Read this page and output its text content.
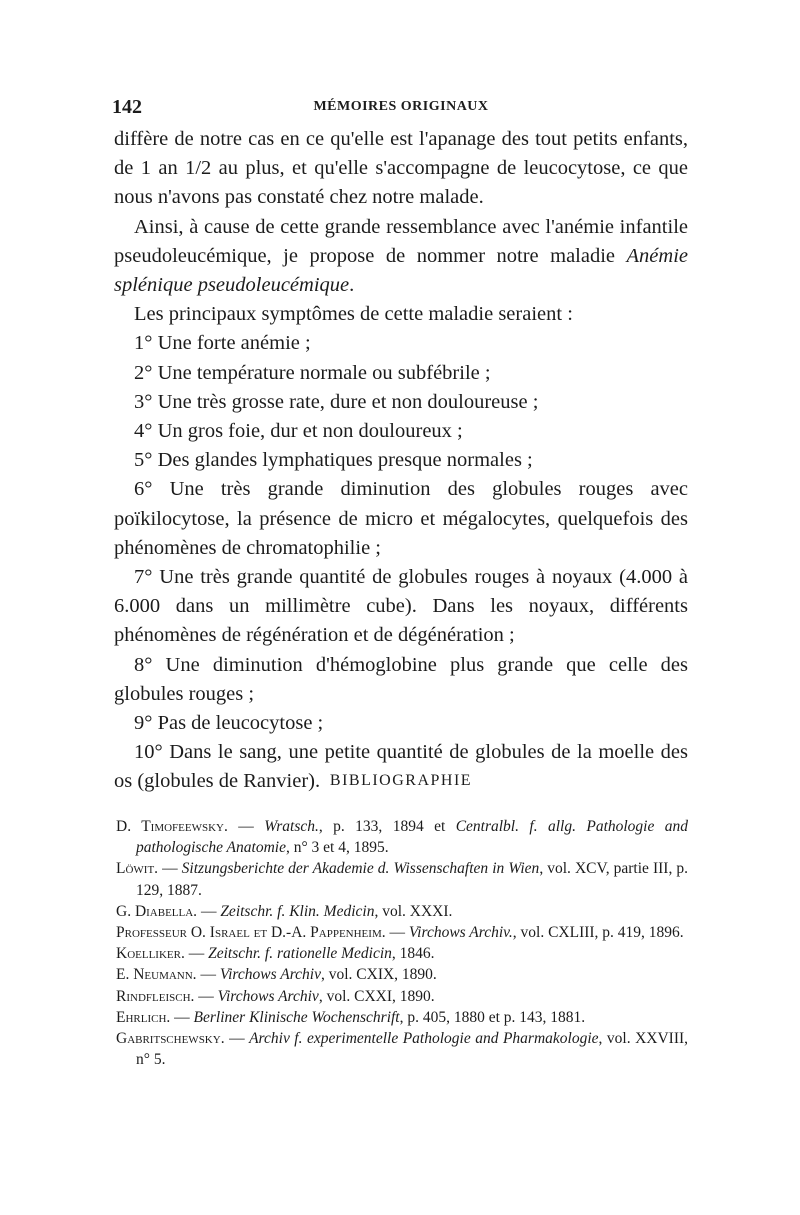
142	MÉMOIRES ORIGINAUX

diffère de notre cas en ce qu'elle est l'apanage des tout petits enfants, de 1 an 1/2 au plus, et qu'elle s'accompagne de leucocytose, ce que nous n'avons pas constaté chez notre malade.

Ainsi, à cause de cette grande ressemblance avec l'anémie infantile pseudoleucémique, je propose de nommer notre maladie Anémie splénique pseudoleucémique.

Les principaux symptômes de cette maladie seraient :

1° Une forte anémie ;

2° Une température normale ou subfébrile ;

3° Une très grosse rate, dure et non douloureuse ;

4° Un gros foie, dur et non douloureux ;

5° Des glandes lymphatiques presque normales ;

6° Une très grande diminution des globules rouges avec poïkilocytose, la présence de micro et mégalocytes, quelquefois des phénomènes de chromatophilie ;

7° Une très grande quantité de globules rouges à noyaux (4.000 à 6.000 dans un millimètre cube). Dans les noyaux, différents phénomènes de régénération et de dégénération ;

8° Une diminution d'hémoglobine plus grande que celle des globules rouges ;

9° Pas de leucocytose ;

10° Dans le sang, une petite quantité de globules de la moelle des os (globules de Ranvier). BIBLIOGRAPHIE

D. Timofeewsky. — Wratsch., p. 133, 1894 et Centralbl. f. allg. Pathologie and pathologische Anatomie, n° 3 et 4, 1895.

Löwit. — Sitzungsberichte der Akademie d. Wissenschaften in Wien, vol. XCV, partie III, p. 129, 1887.

G. Diabella. — Zeitschr. f. Klin. Medicin, vol. XXXI.

Professeur O. Israel et D.-A. Pappenheim. — Virchows Archiv., vol. CXLIII, p. 419, 1896.

Koelliker. — Zeitschr. f. rationelle Medicin, 1846.

E. Neumann. — Virchows Archiv, vol. CXIX, 1890.

Rindfleisch. — Virchows Archiv, vol. CXXI, 1890.

Ehrlich. — Berliner Klinische Wochenschrift, p. 405, 1880 et p. 143, 1881.

Gabritschewsky. — Archiv f. experimentelle Pathologie and Pharmakologie, vol. XXVIII, n° 5.
